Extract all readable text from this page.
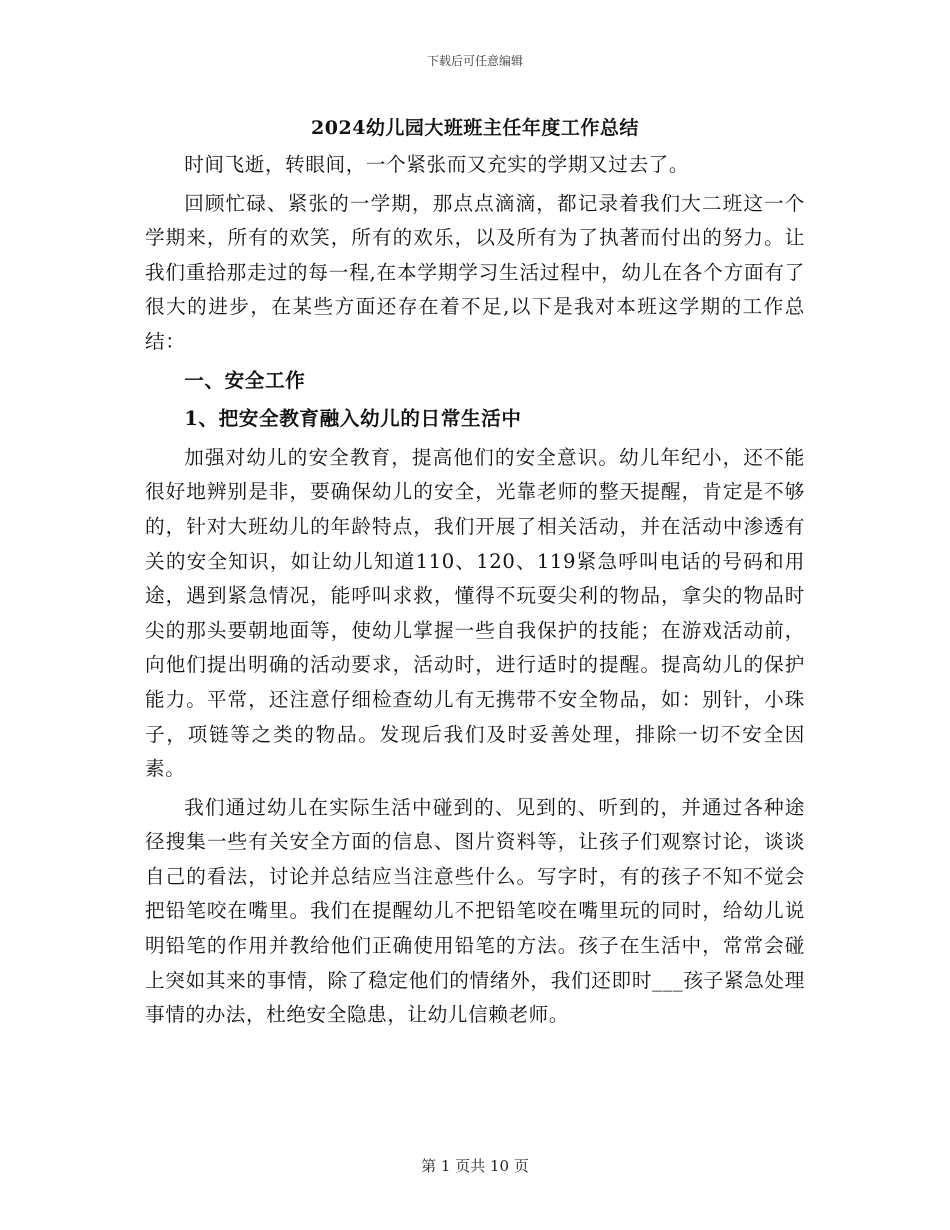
下载后可任意编辑
2024幼儿园大班班主任年度工作总结

时间飞逝，转眼间，一个紧张而又充实的学期又过去了。

回顾忙碌、紧张的一学期，那点点滴滴，都记录着我们大二班这一个学期来，所有的欢笑，所有的欢乐，以及所有为了执著而付出的努力。让我们重拾那走过的每一程,在本学期学习生活过程中，幼儿在各个方面有了很大的进步，在某些方面还存在着不足,以下是我对本班这学期的工作总结：

一、安全工作

1、把安全教育融入幼儿的日常生活中

加强对幼儿的安全教育，提高他们的安全意识。幼儿年纪小，还不能很好地辨别是非，要确保幼儿的安全，光靠老师的整天提醒，肯定是不够的，针对大班幼儿的年龄特点，我们开展了相关活动，并在活动中渗透有关的安全知识，如让幼儿知道110、120、119紧急呼叫电话的号码和用途，遇到紧急情况，能呼叫求救，懂得不玩耍尖利的物品，拿尖的物品时尖的那头要朝地面等，使幼儿掌握一些自我保护的技能；在游戏活动前，向他们提出明确的活动要求，活动时，进行适时的提醒。提高幼儿的保护能力。平常，还注意仔细检查幼儿有无携带不安全物品，如：别针，小珠子，项链等之类的物品。发现后我们及时妥善处理，排除一切不安全因素。

我们通过幼儿在实际生活中碰到的、见到的、听到的，并通过各种途径搜集一些有关安全方面的信息、图片资料等，让孩子们观察讨论，谈谈自己的看法，讨论并总结应当注意些什么。写字时，有的孩子不知不觉会把铅笔咬在嘴里。我们在提醒幼儿不把铅笔咬在嘴里玩的同时，给幼儿说明铅笔的作用并教给他们正确使用铅笔的方法。孩子在生活中，常常会碰上突如其来的事情，除了稳定他们的情绪外，我们还即时___孩子紧急处理事情的办法，杜绝安全隐患，让幼儿信赖老师。

第 1 页共 10 页
